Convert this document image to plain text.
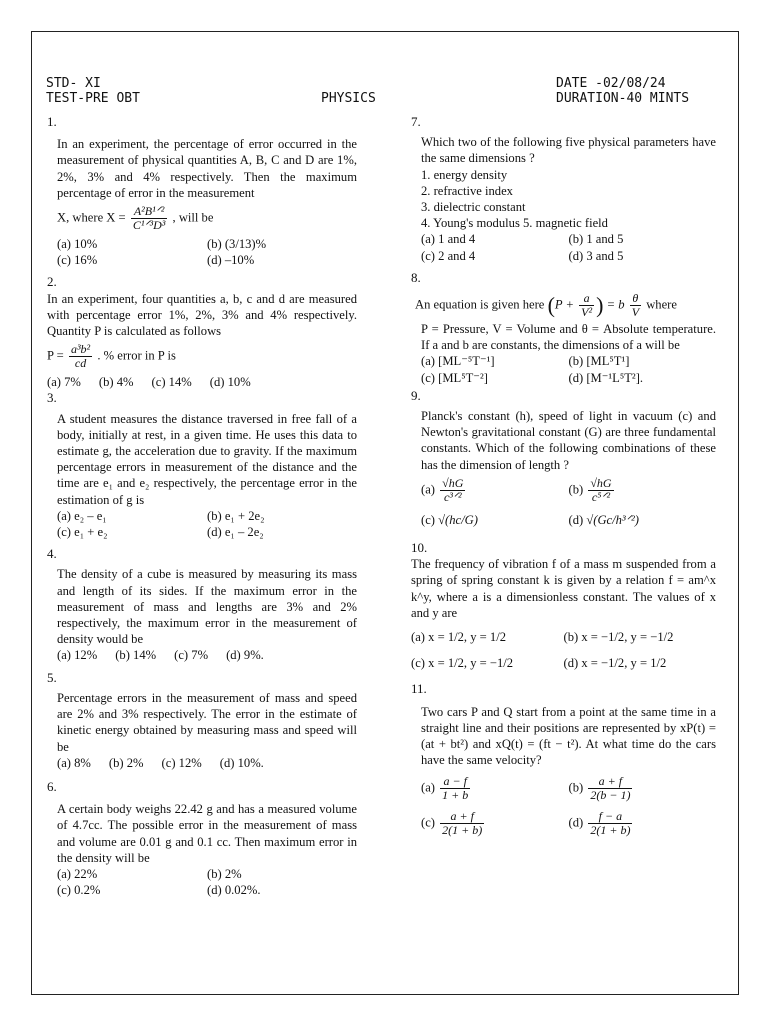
STD- XI	DATE -02/08/24
TEST-PRE OBT	PHYSICS	DURATION-40 MINTS

1.

In an experiment, the percentage of error occurred in the measurement of physical quantities A, B, C and D are 1%, 2%, 3% and 4% respectively. Then the maximum percentage of error in the measurement

X, where $X = \frac{\text{A²B¹ᐟ²}}{\text{C¹ᐟ³D³}}$ , will be
(a) 10%	(b) (3/13)%
(c) 16%	(d) –10%

2.

In an experiment, four quantities a, b, c and d are measured with percentage error 1%, 2%, 3% and 4% respectively. Quantity P is calculated as follows

$P = \frac{\text{a³b²}}{cd}$ . % error in P is
(a) 7% (b) 4% (c) 14% (d) 10%

3.

A student measures the distance traversed in free fall of a body, initially at rest, in a given time. He uses this data to estimate g, the acceleration due to gravity. If the maximum percentage errors in measurement of the distance and the time are e₁ and e₂ respectively, the percentage error in the estimation of g is

(a) e₂ – e₁	(b) e₁ + 2e₂
(c) e₁ + e₂	(d) e₁ – 2e₂

4.

The density of a cube is measured by measuring its mass and length of its sides. If the maximum error in the measurement of mass and lengths are 3% and 2% respectively, the maximum error in the measurement of density would be

(a) 12% (b) 14% (c) 7% (d) 9%.

5.

Percentage errors in the measurement of mass and speed are 2% and 3% respectively. The error in the estimate of kinetic energy obtained by measuring mass and speed will be

(a) 8% (b) 2% (c) 12% (d) 10%.

6.

A certain body weighs 22.42 g and has a measured volume of 4.7cc. The possible error in the measurement of mass and volume are 0.01 g and 0.1 cc. Then maximum error in the density will be

(a) 22%	(b) 2%
(c) 0.2%	(d) 0.02%.

7.

Which two of the following five physical parameters have the same dimensions ?

1. energy density
2. refractive index
3. dielectric constant
4. Young's modulus 5. magnetic field
(a) 1 and 4	(b) 1 and 5
(c) 2 and 4	(d) 3 and 5

8.

An equation is given here ($P + \frac{a}{\text{V²}}$ ) = b $\frac{\theta}{V}$ where

P = Pressure, V = Volume and θ = Absolute temperature. If a and b are constants, the dimensions of a will be

(a) [ML⁻⁵T⁻¹]	(b) [ML⁵T¹]
(c) [ML⁵T⁻²]	(d) [M⁻¹L⁵T²].

9.

Planck's constant (h), speed of light in vacuum (c) and Newton's gravitational constant (G) are three fundamental constants. Which of the following combinations of these has the dimension of length ?

$(a) \frac{√hG}{\text{c³ᐟ²}}$	$(b) \frac{√hG}{\text{c⁵ᐟ²}}$
(c) √(hc/G)	(d) √(Gc/h³ᐟ²)

10.

The frequency of vibration f of a mass m suspended from a spring of spring constant k is given by a relation f = am^x k^y, where a is a dimensionless constant. The values of x and y are

(a) x = 1/2, y = 1/2	(b) x = −1/2, y = −1/2
(c) x = 1/2, y = −1/2	(d) x = −1/2, y = 1/2

11.

Two cars P and Q start from a point at the same time in a straight line and their positions are represented by xP(t) = (at + bt²) and xQ(t) = (ft − t²). At what time do the cars have the same velocity?

$(a) \frac{a - f}{1 + b}$	$(b) \frac{a + f}{2(b - 1)}$
$(c) \frac{a + f}{2(1 + b)}$	$(d) \frac{f - a}{2(1 + b)}$
